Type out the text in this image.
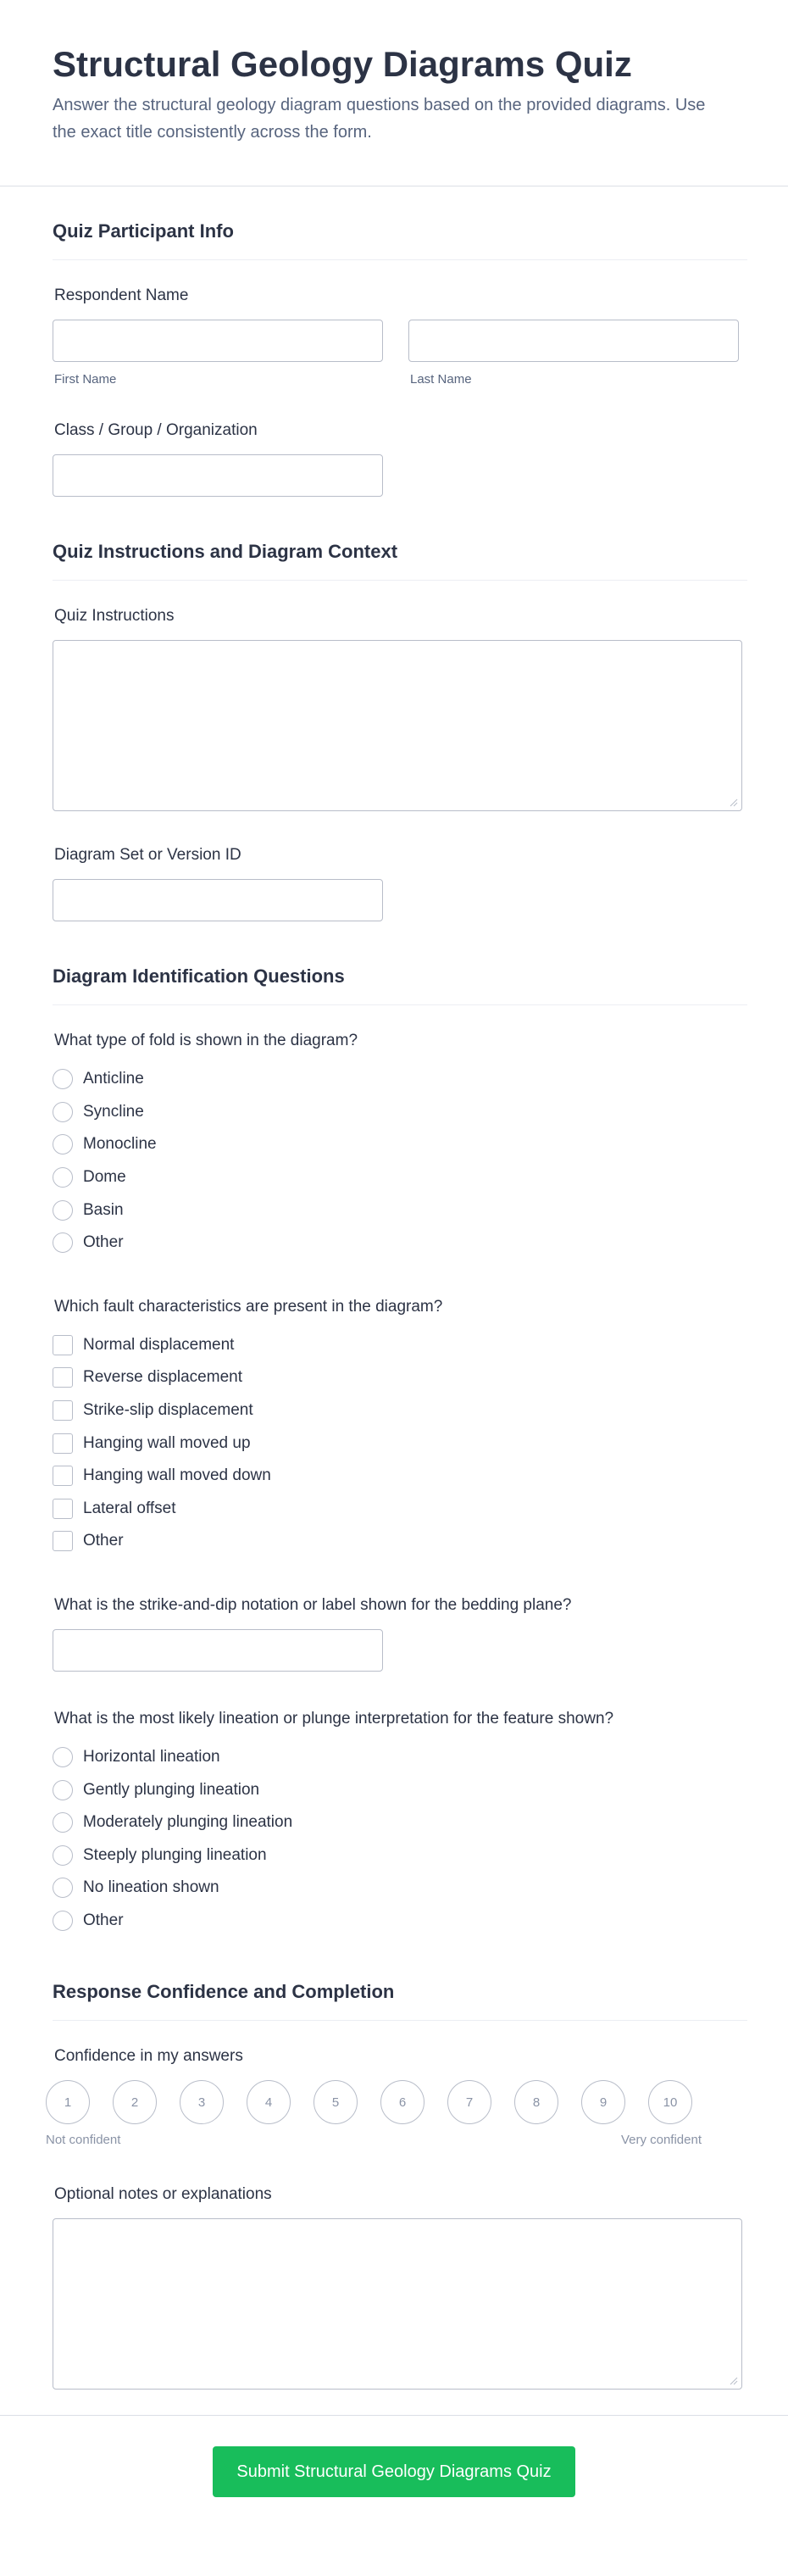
Structural Geology Diagrams Quiz

Answer the structural geology diagram questions based on the provided diagrams. Use the exact title consistently across the form.

Quiz Participant Info
Respondent Name
First Name	Last Name
Class / Group / Organization
Quiz Instructions and Diagram Context
Quiz Instructions
Diagram Set or Version ID
Diagram Identification Questions
What type of fold is shown in the diagram?
Anticline
Syncline
Monocline
Dome
Basin
Other
Which fault characteristics are present in the diagram?
Normal displacement
Reverse displacement
Strike-slip displacement
Hanging wall moved up
Hanging wall moved down
Lateral offset
Other
What is the strike-and-dip notation or label shown for the bedding plane?
What is the most likely lineation or plunge interpretation for the feature shown?
Horizontal lineation
Gently plunging lineation
Moderately plunging lineation
Steeply plunging lineation
No lineation shown
Other
Response Confidence and Completion
Confidence in my answers
1	2	3	4	5	6	7	8	9	10
Not confident	Very confident
Optional notes or explanations
Submit Structural Geology Diagrams Quiz
